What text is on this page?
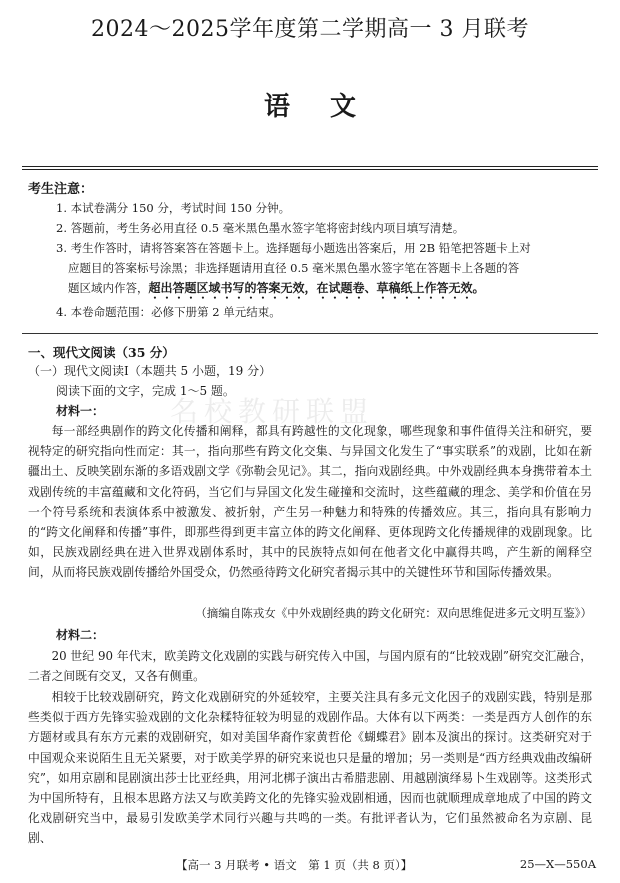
2024～2025学年度第二学期高一 3 月联考
语文
考生注意：

1. 本试卷满分 150 分，考试时间 150 分钟。

2. 答题前，考生务必用直径 0.5 毫米黑色墨水签字笔将密封线内项目填写清楚。

3. 考生作答时，请将答案答在答题卡上。选择题每小题选出答案后，用 2B 铅笔把答题卡上对
应题目的答案标号涂黑；非选择题请用直径 0.5 毫米黑色墨水签字笔在答题卡上各题的答
题区域内作答，超出答题区域书写的答案无效，在试题卷、草稿纸上作答无效。

4. 本卷命题范围：必修下册第 2 单元结束。

一、现代文阅读（35 分）
（一）现代文阅读Ⅰ（本题共 5 小题，19 分）
阅读下面的文字，完成 1～5 题。
材料一： 名校教研联盟

每一部经典剧作的跨文化传播和阐释，都具有跨越性的文化现象，哪些现象和事件值得关注和研究，要视特定的研究指向性而定：其一，指向那些有跨文化交集、与异国文化发生了“事实联系”的戏剧，比如在新疆出土、反映笑剧东渐的多语戏剧文学《弥勒会见记》。其二，指向戏剧经典。中外戏剧经典本身携带着本土戏剧传统的丰富蕴藏和文化符码，当它们与异国文化发生碰撞和交流时，这些蕴藏的理念、美学和价值在另一个符号系统和表演体系中被激发、被折射，产生另一种魅力和特殊的传播效应。其三，指向具有影响力的“跨文化阐释和传播”事件，即那些得到更丰富立体的跨文化阐释、更体现跨文化传播规律的戏剧现象。比如，民族戏剧经典在进入世界戏剧体系时，其中的民族特点如何在他者文化中赢得共鸣，产生新的阐释空间，从而将民族戏剧传播给外国受众，仍然亟待跨文化研究者揭示其中的关键性环节和国际传播效果。

（摘编自陈戎女《中外戏剧经典的跨文化研究：双向思维促进多元文明互鉴》）
材料二：

20 世纪 90 年代末，欧美跨文化戏剧的实践与研究传入中国，与国内原有的“比较戏剧”研究交汇融合，二者之间既有交叉，又各有侧重。

相较于比较戏剧研究，跨文化戏剧研究的外延较窄，主要关注具有多元文化因子的戏剧实践，特别是那些类似于西方先锋实验戏剧的文化杂糅特征较为明显的戏剧作品。大体有以下两类：一类是西方人创作的东方题材或具有东方元素的戏剧研究，如对美国华裔作家黄哲伦《蝴蝶君》剧本及演出的探讨。这类研究对于中国观众来说陌生且无关紧要，对于欧美学界的研究来说也只是量的增加；另一类则是“西方经典戏曲改编研究”，如用京剧和昆剧演出莎士比亚经典，用河北梆子演出古希腊悲剧、用越剧演绎易卜生戏剧等。这类形式为中国所特有，且根本思路方法又与欧美跨文化的先锋实验戏剧相通，因而也就顺理成章地成了中国的跨文化戏剧研究当中，最易引发欧美学术同行兴趣与共鸣的一类。有批评者认为，它们虽然被命名为京剧、昆剧、

【高一 3 月联考 • 语文　第 1 页（共 8 页）】	25—X—550A
